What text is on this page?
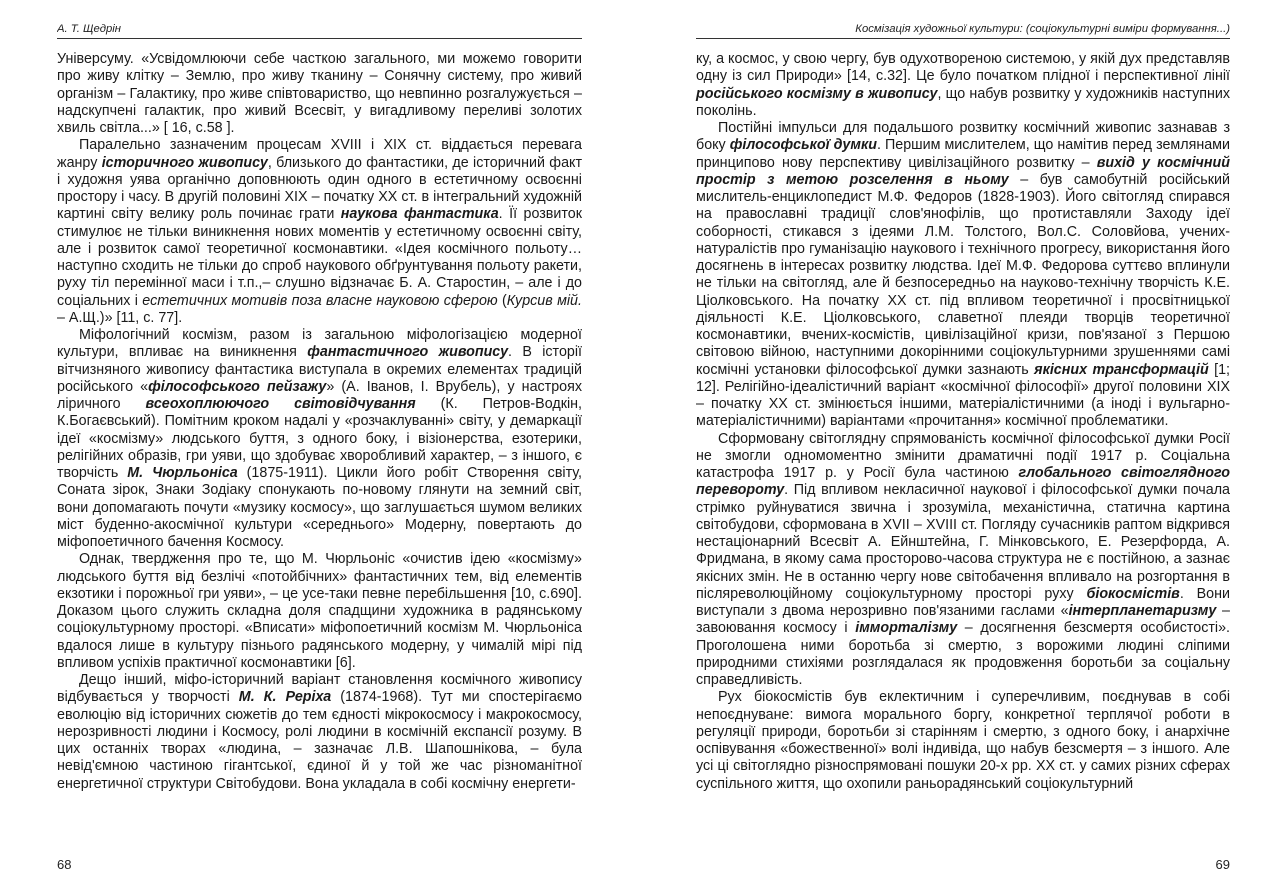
А. Т. Щедрін

Універсуму. «Усвідомлюючи себе часткою загального, ми можемо говорити про живу клітку – Землю, про живу тканину – Сонячну систему, про живий організм – Галактику, про живе співтовариство, що невпинно розгалужується – надскупчені галактик, про живий Всесвіт, у вигадливому переливі золотих хвиль світла...» [ 16, с.58 ].

Паралельно зазначеним процесам XVIII і XIX ст. віддається перевага жанру історичного живопису, близького до фантастики, де історичний факт і художня уява органічно доповнюють один одного в естетичному освоєнні простору і часу. В другій половині XIX – початку XX ст. в інтегральний художній картині світу велику роль починає грати наукова фантастика. Її розвиток стимулює не тільки виникнення нових моментів у естетичному освоєнні світу, але і розвиток самої теоретичної космонавтики. «Ідея космічного польоту…наступно сходить не тільки до спроб наукового обґрунтування польоту ракети, руху тіл перемінної маси і т.п.,– слушно відзначає Б. А. Старостин, – але і до соціальних і естетичних мотивів поза власне науковою сферою (Курсив мій. – А.Щ.)» [11, с. 77].

Міфологічний космізм, разом із загальною міфологізацією модерної культури, впливає на виникнення фантастичного живопису. В історії вітчизняного живопису фантастика виступала в окремих елементах традицій російського «філософського пейзажу» (А. Іванов, І. Врубель), у настроях ліричного всеохоплюючого світовідчування (К. Петров-Водкін, К.Богаєвський). Помітним кроком надалі у «розчаклуванні» світу, у демаркації ідеї «космізму» людського буття, з одного боку, і візіонерства, езотерики, релігійних образів, гри уяви, що здобуває хворобливий характер, – з іншого, є творчість М. Чюрльоніса (1875-1911). Цикли його робіт Створення світу, Соната зірок, Знаки Зодіаку спонукають по-новому глянути на земний світ, вони допомагають почути «музику космосу», що заглушається шумом великих міст буденно-акосмічної культури «середнього» Модерну, повертають до міфопоетичного бачення Космосу.

Однак, твердження про те, що М. Чюрльоніс «очистив ідею «космізму» людського буття від безлічі «потойбічних» фантастичних тем, від елементів екзотики і порожньої гри уяви», – це усе-таки певне перебільшення [10, с.690]. Доказом цього служить складна доля спадщини художника в радянському соціокультурному просторі. «Вписати» міфопоетичний космізм М. Чюрльоніса вдалося лише в культуру пізнього радянського модерну, у чималій мірі під впливом успіхів практичної космонавтики [6].

Дещо інший, міфо-історичний варіант становлення космічного живопису відбувається у творчості М. К. Реріха (1874-1968). Тут ми спостерігаємо еволюцію від історичних сюжетів до тем єдності мікрокосмосу і макрокосмосу, нерозривності людини і Космосу, ролі людини в космічній експансії розуму. В цих останніх творах «людина, – зазначає Л.В. Шапошнікова, – була невід'ємною частиною гігантської, єдиної й у той же час різноманітної енергетичної структури Світобудови. Вона укладала в собі космічну енергети-

68
Космізація художньої культури: (соціокультурні виміри формування...)

ку, а космос, у свою чергу, був одухотвореною системою, у якій дух представляв одну із сил Природи» [14, с.32]. Це було початком плідної і перспективної лінії російського космізму в живопису, що набув розвитку у художників наступних поколінь.

Постійні імпульси для подальшого розвитку космічний живопис зазнавав з боку філософської думки. Першим мислителем, що намітив перед землянами принципово нову перспективу цивілізаційного розвитку – вихід у космічний простір з метою розселення в ньому – був самобутній російський мислитель-енциклопедист М.Ф. Федоров (1828-1903). Його світогляд спирався на православні традиції слов'янофілів, що протиставляли Заходу ідеї соборності, стикався з ідеями Л.М. Толстого, Вол.С. Соловйова, учених-натуралістів про гуманізацію наукового і технічного прогресу, використання його досягнень в інтересах розвитку людства. Ідеї М.Ф. Федорова суттєво вплинули не тільки на світогляд, але й безпосередньо на науково-технічну творчість К.Е. Ціолковського. На початку XX ст. під впливом теоретичної і просвітницької діяльності К.Е. Ціолковського, славетної плеяди творців теоретичної космонавтики, вчених-космістів, цивілізаційної кризи, пов'язаної з Першою світовою війною, наступними докорінними соціокультурними зрушеннями самі космічні установки філософської думки зазнають якісних трансформацій [1; 12]. Релігійно-ідеалістичний варіант «космічної філософії» другої половини XIX – початку XX ст. змінюється іншими, матеріалістичними (а іноді і вульгарно-матеріалістичними) варіантами «прочитання» космічної проблематики.

Сформовану світоглядну спрямованість космічної філософської думки Росії не змогли одномоментно змінити драматичні події 1917 р. Соціальна катастрофа 1917 р. у Росії була частиною глобального світоглядного перевороту. Під впливом некласичної наукової і філософської думки почала стрімко руйнуватися звична і зрозуміла, механістична, статична картина світобудови, сформована в XVII – XVIII ст. Погляду сучасників раптом відкрився нестаціонарний Всесвіт А. Ейнштейна, Г. Мінковського, Е. Резерфорда, А. Фридмана, в якому сама просторово-часова структура не є постійною, а зазнає якісних змін. Не в останню чергу нове світобачення впливало на розгортання в післяреволюційному соціокультурному просторі руху біокосмістів. Вони виступали з двома нерозривно пов'язаними гаслами «інтерпланетаризму – завоювання космосу і імморталізму – досягнення безсмертя особистості». Проголошена ними боротьба зі смертю, з ворожими людині сліпими природними стихіями розглядалася як продовження боротьби за соціальну справедливість.

Рух біокосмістів був еклектичним і суперечливим, поєднував в собі непоєднуване: вимога морального боргу, конкретної терплячої роботи в регуляції природи, боротьби зі старінням і смертю, з одного боку, і анархічне оспівування «божественної» волі індивіда, що набув безсмертя – з іншого. Але усі ці світоглядно різноспрямовані пошуки 20-х рр. XX ст. у самих різних сферах суспільного життя, що охопили раньорадянський соціокультурний

69
